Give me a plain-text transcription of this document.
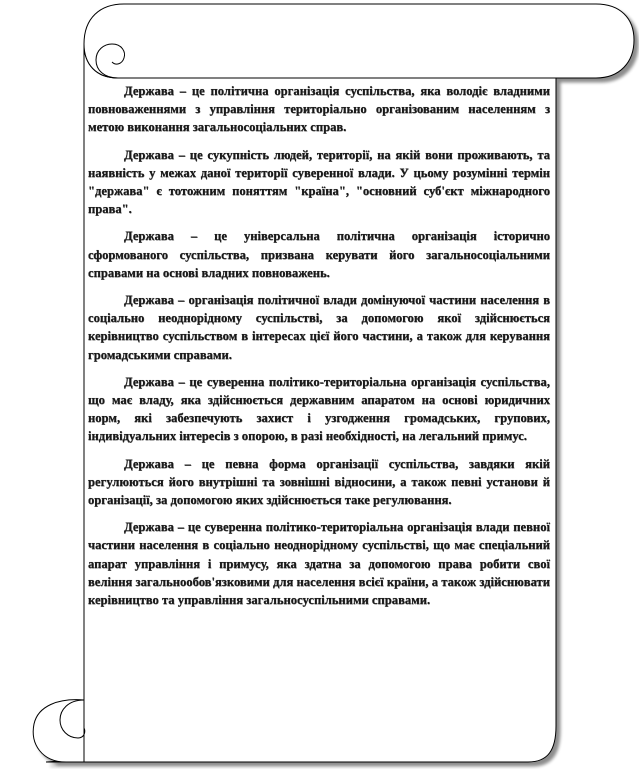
Держава – це політична організація суспільства, яка володіє владними повноваженнями з управління територіально організованим населенням з метою виконання загальносоціальних справ.

Держава – це сукупність людей, території, на якій вони проживають, та наявність у межах даної території суверенної влади. У цьому розумінні термін "держава" є тотожним поняттям "країна", "основний суб'єкт міжнародного права".

Держава – це універсальна політична організація історично сформованого суспільства, призвана керувати його загальносоціальними справами на основі владних повноважень.

Держава – організація політичної влади домінуючої частини населення в соціально неоднорідному суспільстві, за допомогою якої здійснюється керівництво суспільством в інтересах цієї його частини, а також для керування громадськими справами.

Держава – це суверенна політико-територіальна організація суспільства, що має владу, яка здійснюється державним апаратом на основі юридичних норм, які забезпечують захист і узгодження громадських, групових, індивідуальних інтересів з опорою, в разі необхідності, на легальний примус.

Держава – це певна форма організації суспільства, завдяки якій регулюються його внутрішні та зовнішні відносини, а також певні установи й організації, за допомогою яких здійснюється таке регулювання.

Держава – це суверенна політико-територіальна організація влади певної частини населення в соціально неоднорідному суспільстві, що має спеціальний апарат управління і примусу, яка здатна за допомогою права робити свої веління загальнообов'язковими для населення всієї країни, а також здійснювати керівництво та управління загальносуспільними справами.
